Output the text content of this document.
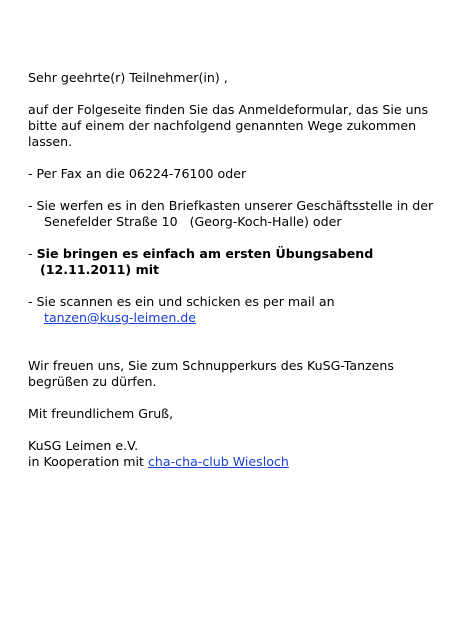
Sehr geehrte(r) Teilnehmer(in) ,
auf der Folgeseite finden Sie das Anmeldeformular, das Sie uns
bitte auf einem der nachfolgend genannten Wege zukommen
lassen.
- Per Fax an die 06224-76100 oder
- Sie werfen es in den Briefkasten unserer Geschäftsstelle in der
Senefelder Straße 10   (Georg-Koch-Halle) oder
- Sie bringen es einfach am ersten Übungsabend
(12.11.2011) mit
- Sie scannen es ein und schicken es per mail an
tanzen@kusg-leimen.de
Wir freuen uns, Sie zum Schnupperkurs des KuSG-Tanzens
begrüßen zu dürfen.
Mit freundlichem Gruß,
KuSG Leimen e.V.
in Kooperation mit cha-cha-club Wiesloch
